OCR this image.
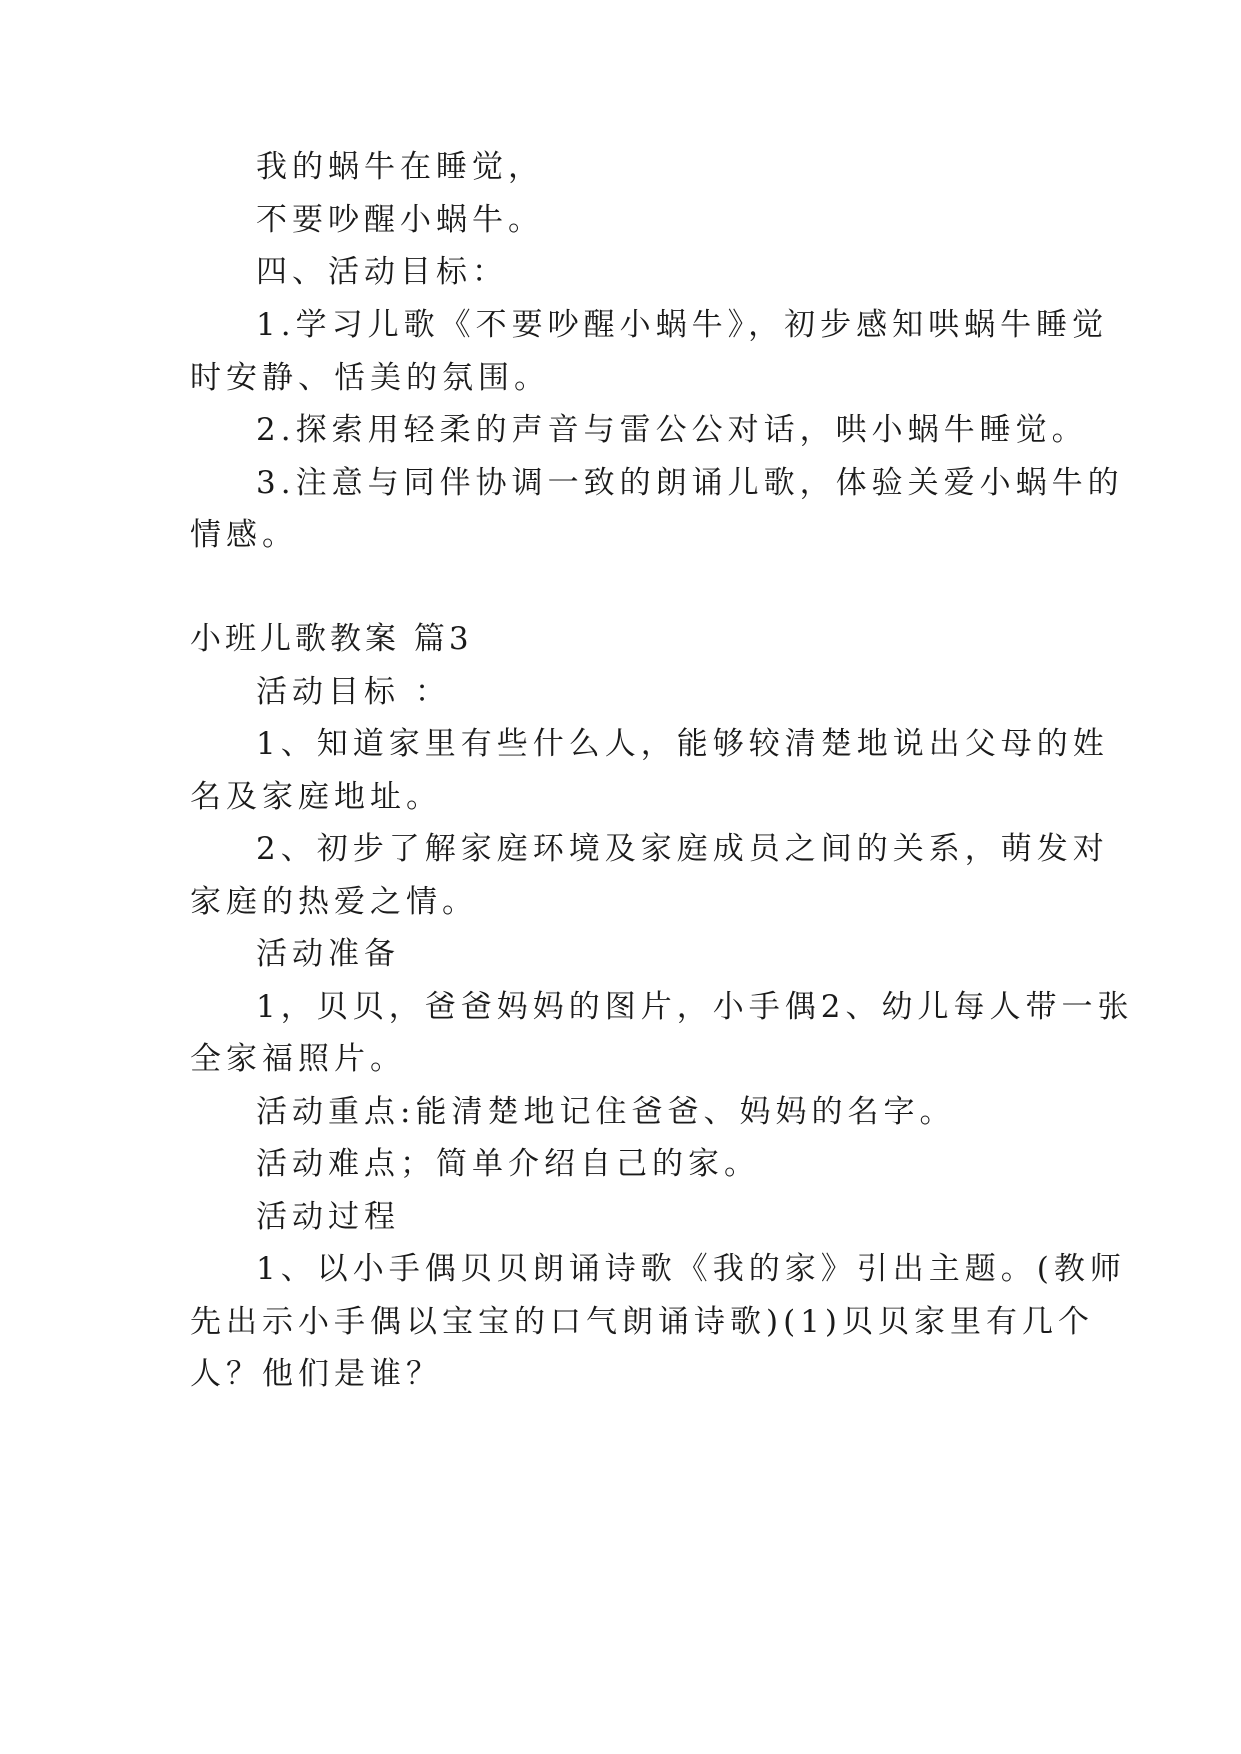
我的蜗牛在睡觉，
不要吵醒小蜗牛。
四、活动目标：
1.学习儿歌《不要吵醒小蜗牛》，初步感知哄蜗牛睡觉
时安静、恬美的氛围。
2.探索用轻柔的声音与雷公公对话，哄小蜗牛睡觉。
3.注意与同伴协调一致的朗诵儿歌，体验关爱小蜗牛的
情感。
小班儿歌教案 篇3
活动目标 ：
1、知道家里有些什么人，能够较清楚地说出父母的姓
名及家庭地址。
2、初步了解家庭环境及家庭成员之间的关系，萌发对
家庭的热爱之情。
活动准备
1，贝贝，爸爸妈妈的图片，小手偶2、幼儿每人带一张
全家福照片。
活动重点:能清楚地记住爸爸、妈妈的名字。
活动难点；简单介绍自己的家。
活动过程
1、以小手偶贝贝朗诵诗歌《我的家》引出主题。(教师
先出示小手偶以宝宝的口气朗诵诗歌)(1)贝贝家里有几个
人？他们是谁？
